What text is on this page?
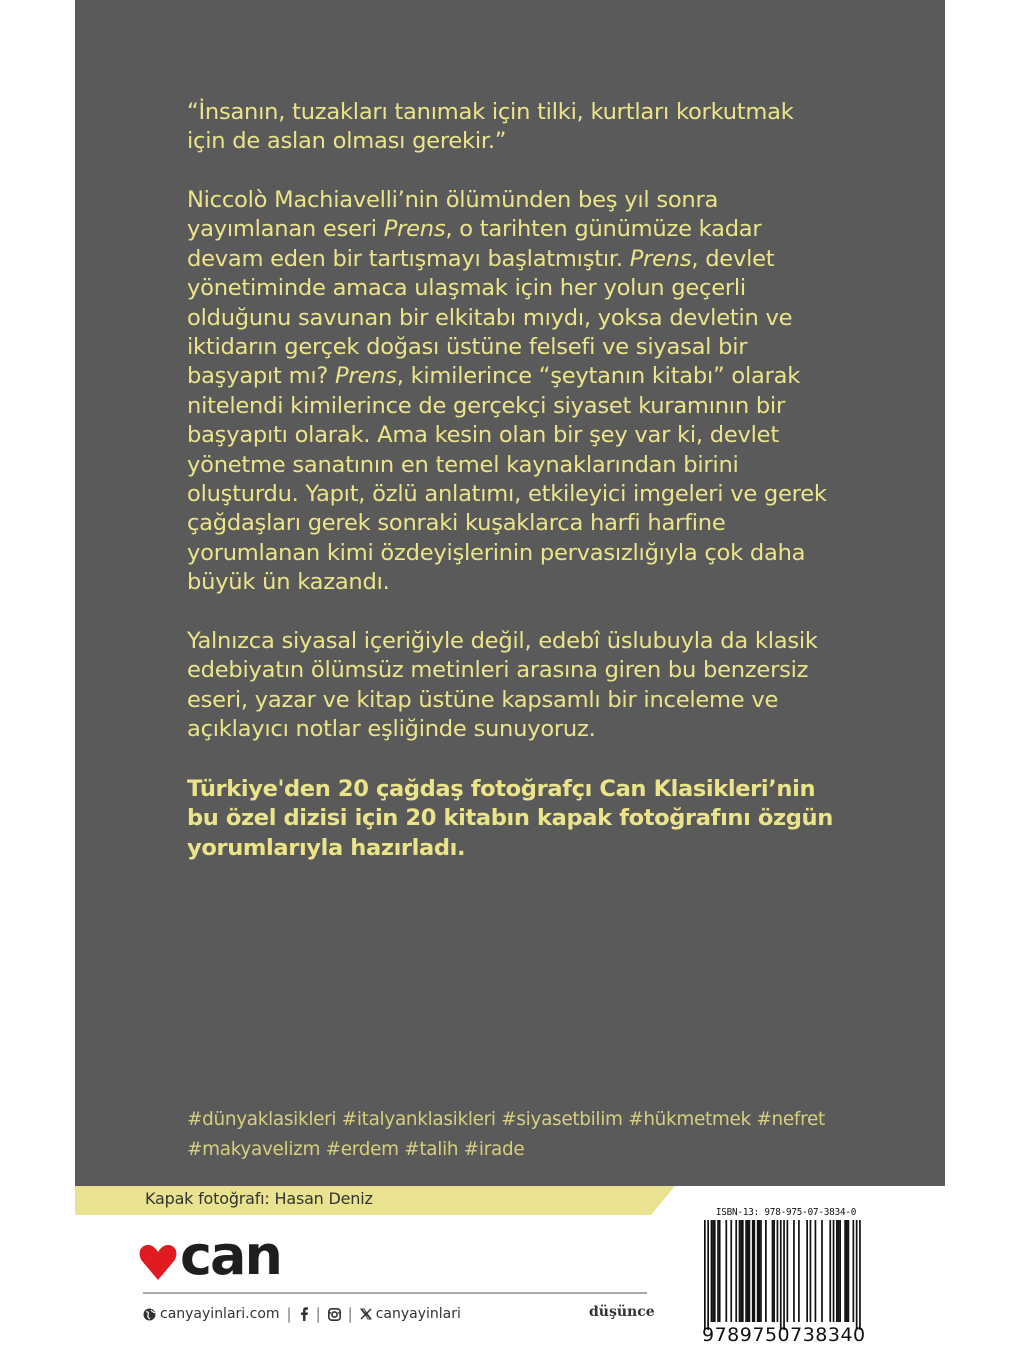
“İnsanın, tuzakları tanımak için tilki, kurtları korkutmak için de aslan olması gerekir.”

Niccolò Machiavelli’nin ölümünden beş yıl sonra yayımlanan eseri Prens, o tarihten günümüze kadar devam eden bir tartışmayı başlatmıştır. Prens, devlet yönetiminde amaca ulaşmak için her yolun geçerli olduğunu savunan bir elkitabı mıydı, yoksa devletin ve iktidarın gerçek doğası üstüne felsefi ve siyasal bir başyapıt mı? Prens, kimilerince “şeytanın kitabı” olarak nitelendi kimilerince de gerçekçi siyaset kuramının bir başyapıtı olarak. Ama kesin olan bir şey var ki, devlet yönetme sanatının en temel kaynaklarından birini oluşturdu. Yapıt, özlü anlatımı, etkileyici imgeleri ve gerek çağdaşları gerek sonraki kuşaklarca harfi harfine yorumlanan kimi özdeyişlerinin pervasızlığıyla çok daha büyük ün kazandı.

Yalnızca siyasal içeriğiyle değil, edebî üslubuyla da klasik edebiyatın ölümsüz metinleri arasına giren bu benzersiz eseri, yazar ve kitap üstüne kapsamlı bir inceleme ve açıklayıcı notlar eşliğinde sunuyoruz.

Türkiye'den 20 çağdaş fotoğrafçı Can Klasikleri’nin bu özel dizisi için 20 kitabın kapak fotoğrafını özgün yorumlarıyla hazırladı.

#dünyaklasikleri #italyanklasikleri #siyasetbilim #hükmetmek #nefret #makyavelizm #erdem #talih #irade

Kapak fotoğrafı: Hasan Deniz
can
canyayinlari.com | | | canyayinlari	düşünce
ISBN-13: 978-975-07-3834-0
9789750738340
